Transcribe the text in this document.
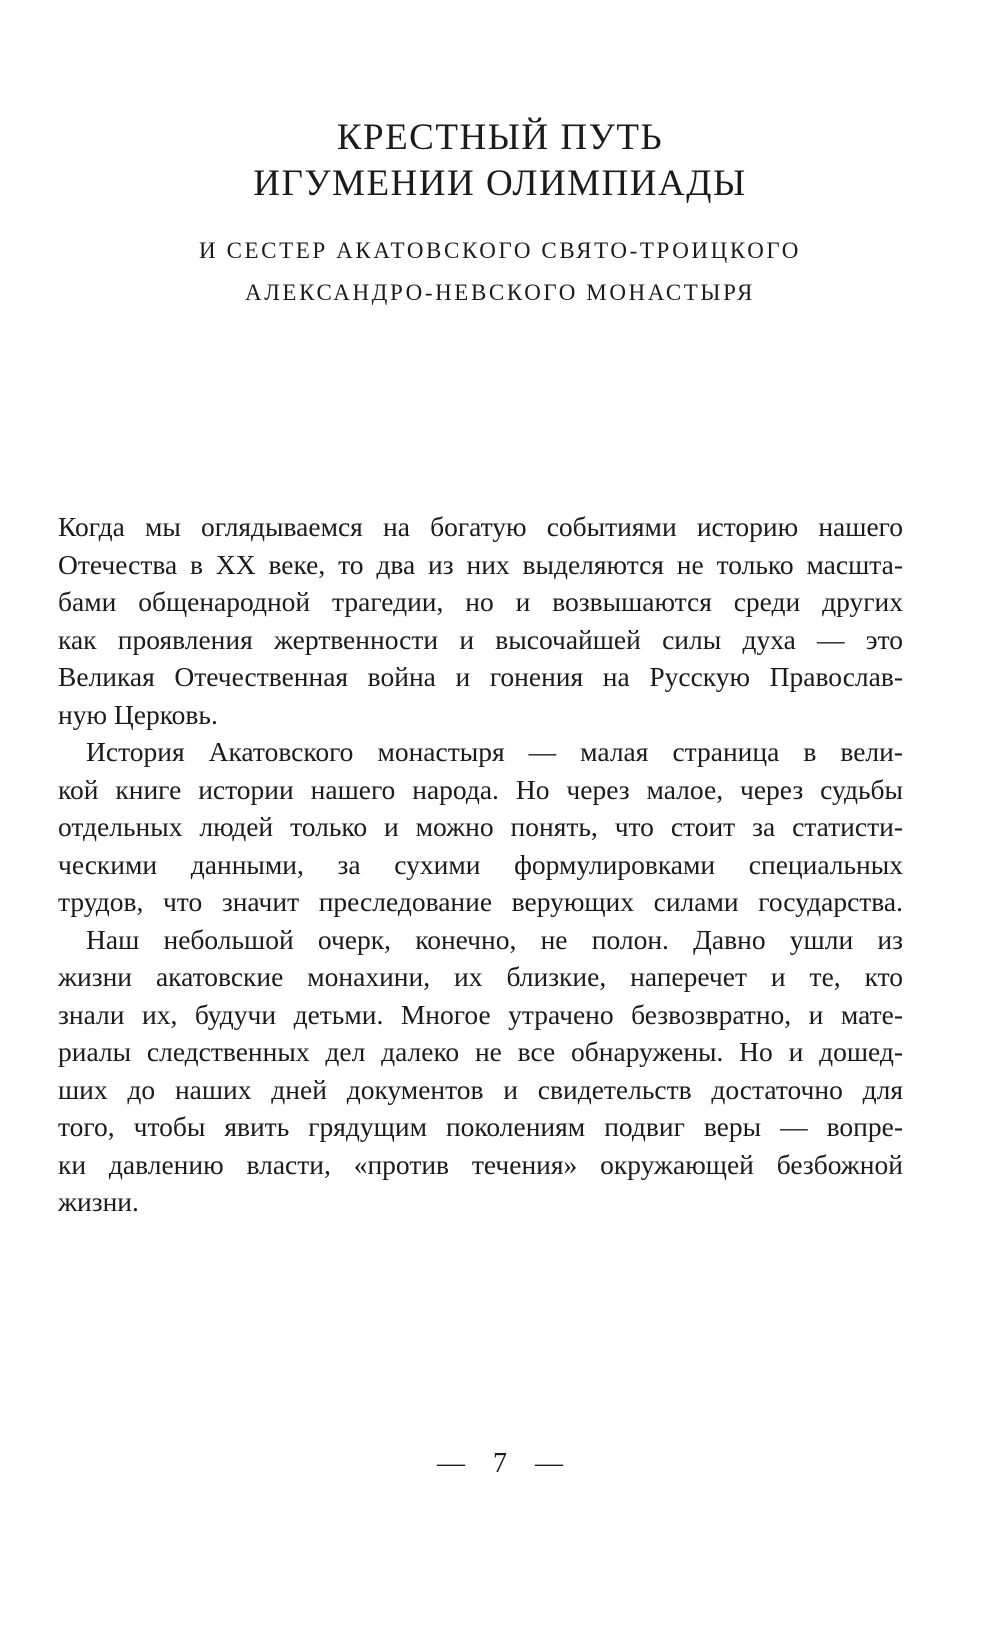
КРЕСТНЫЙ ПУТЬ
ИГУМЕНИИ ОЛИМПИАДЫ
И СЕСТЕР АКАТОВСКОГО СВЯТО-ТРОИЦКОГО
АЛЕКСАНДРО-НЕВСКОГО МОНАСТЫРЯ
Когда мы оглядываемся на богатую событиями историю нашего
Отечества в XX веке, то два из них выделяются не только масшта-
бами общенародной трагедии, но и возвышаются среди других
как проявления жертвенности и высочайшей силы духа — это
Великая Отечественная война и гонения на Русскую Православ-
ную Церковь.
История Акатовского монастыря — малая страница в вели-
кой книге истории нашего народа. Но через малое, через судьбы
отдельных людей только и можно понять, что стоит за статисти-
ческими данными, за сухими формулировками специальных
трудов, что значит преследование верующих силами государства.
Наш небольшой очерк, конечно, не полон. Давно ушли из
жизни акатовские монахини, их близкие, наперечет и те, кто
знали их, будучи детьми. Многое утрачено безвозвратно, и мате-
риалы следственных дел далеко не все обнаружены. Но и дошед-
ших до наших дней документов и свидетельств достаточно для
того, чтобы явить грядущим поколениям подвиг веры — вопре-
ки давлению власти, «против течения» окружающей безбожной
жизни.
— 7 —
